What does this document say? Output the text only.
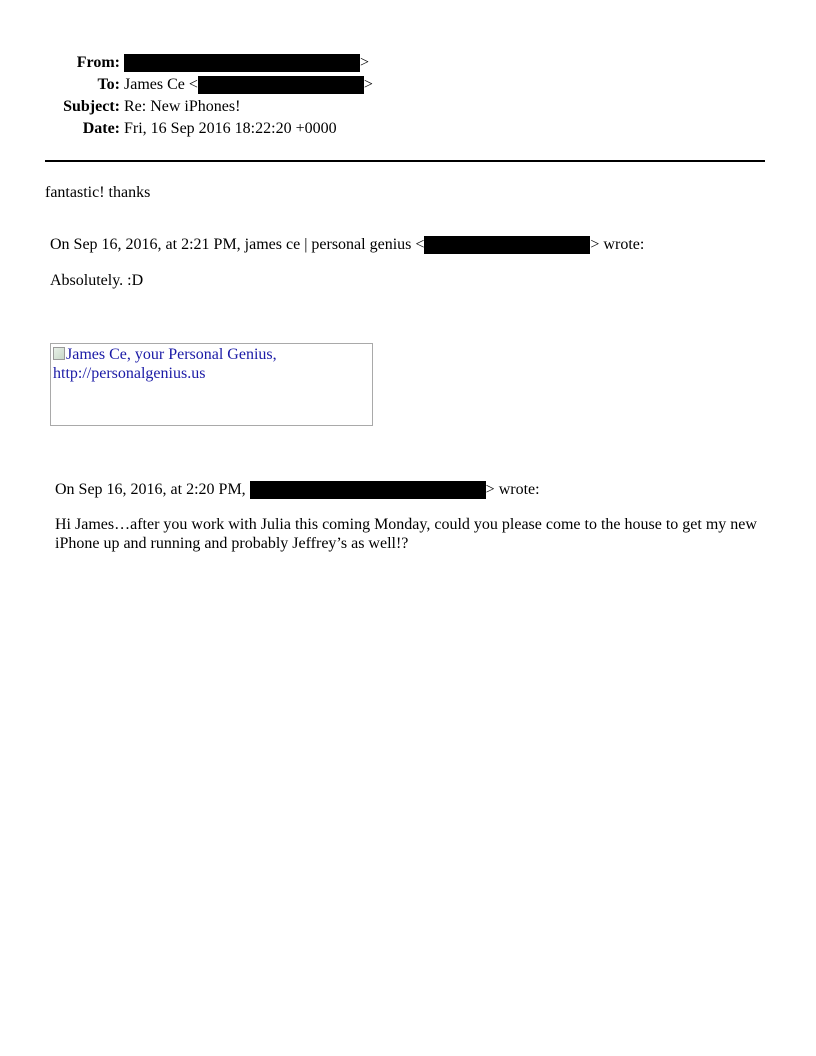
From:	>
To: James Ce <	>
Subject: Re: New iPhones!
Date: Fri, 16 Sep 2016 18:22:20 +0000
fantastic! thanks
On Sep 16, 2016, at 2:21 PM, james ce | personal genius <	> wrote:
Absolutely. :D
James Ce, your Personal Genius,
http://personalgenius.us
On Sep 16, 2016, at 2:20 PM,	> wrote:
Hi James…after you work with Julia this coming Monday, could you please come to the house to get my new iPhone up and running and probably Jeffrey’s as well!?
